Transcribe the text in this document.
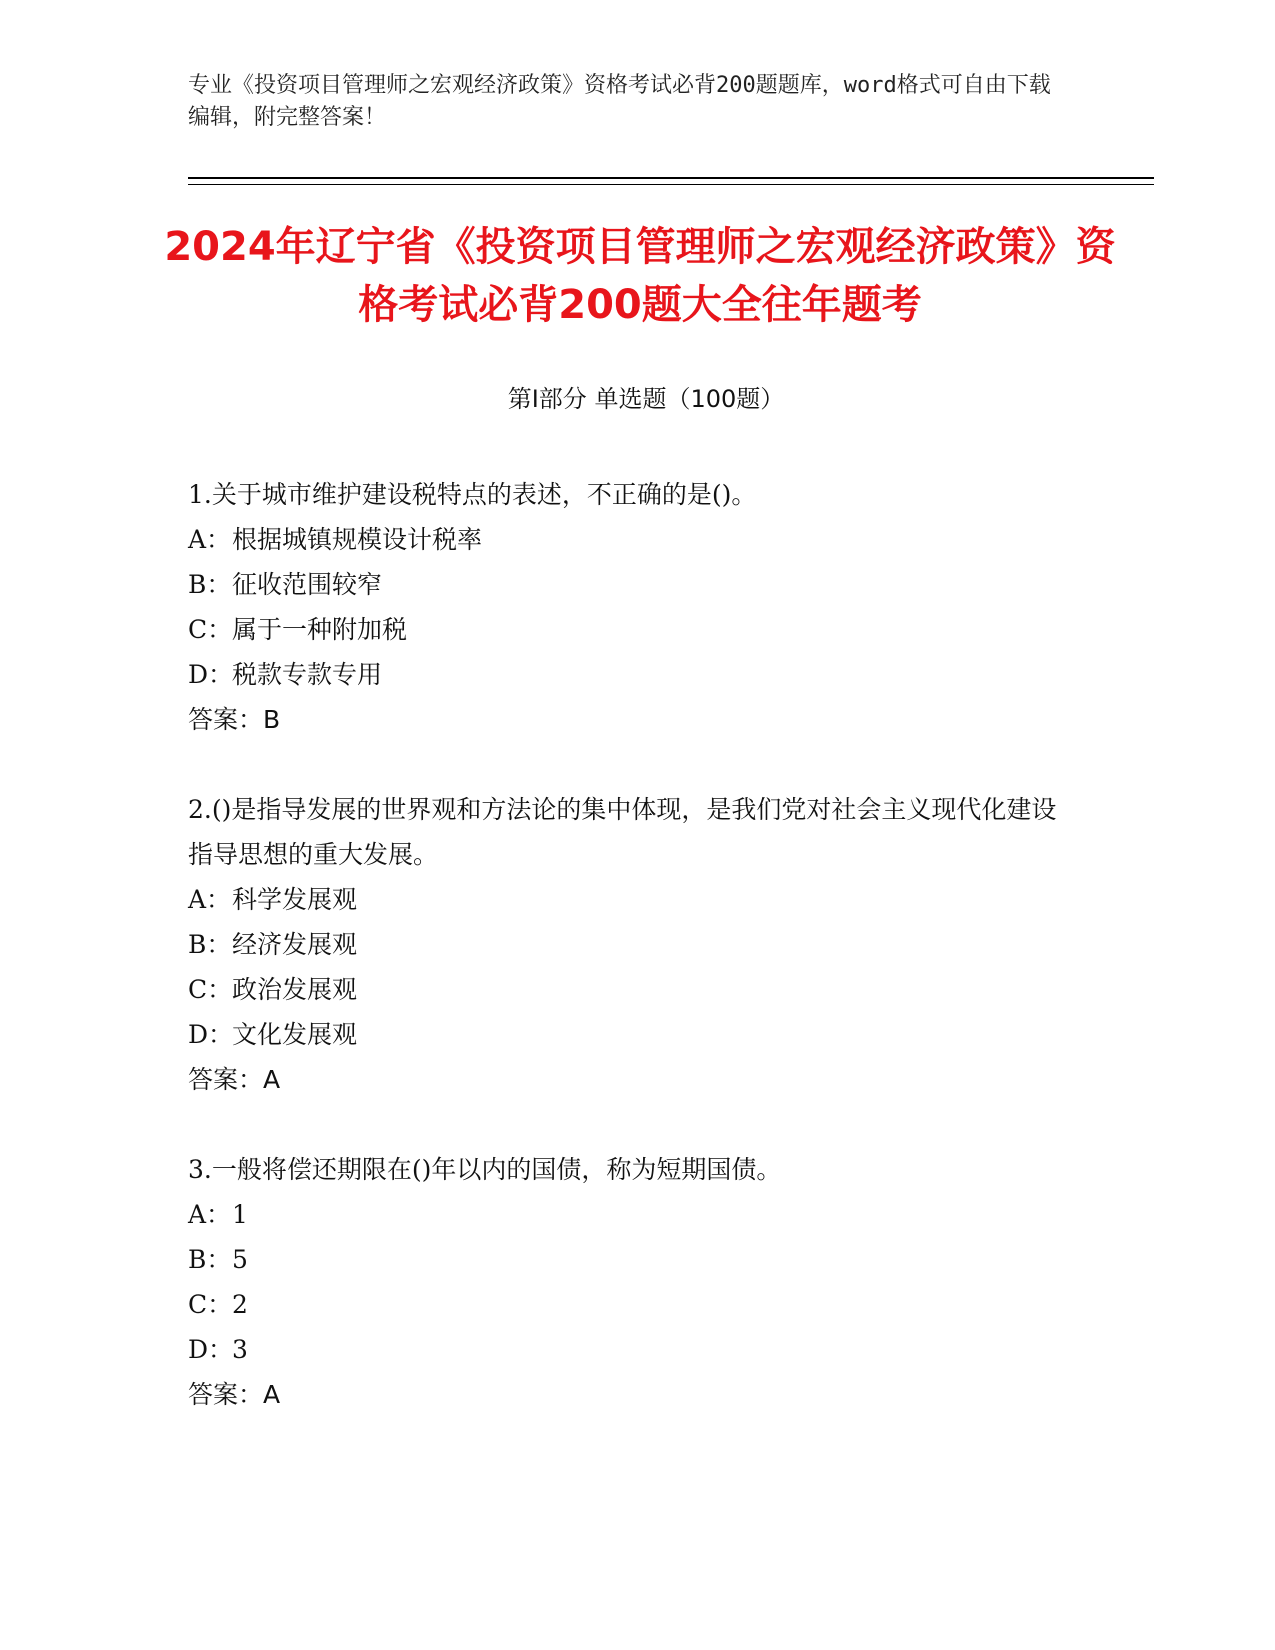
专业《投资项目管理师之宏观经济政策》资格考试必背200题题库，word格式可自由下载编辑，附完整答案！
2024年辽宁省《投资项目管理师之宏观经济政策》资格考试必背200题大全往年题考
第I部分 单选题（100题）

1.关于城市维护建设税特点的表述，不正确的是()。

A：根据城镇规模设计税率

B：征收范围较窄

C：属于一种附加税

D：税款专款专用

答案：B

2.()是指导发展的世界观和方法论的集中体现，是我们党对社会主义现代化建设指导思想的重大发展。

A：科学发展观

B：经济发展观

C：政治发展观

D：文化发展观

答案：A

3.一般将偿还期限在()年以内的国债，称为短期国债。

A：1

B：5

C：2

D：3

答案：A
